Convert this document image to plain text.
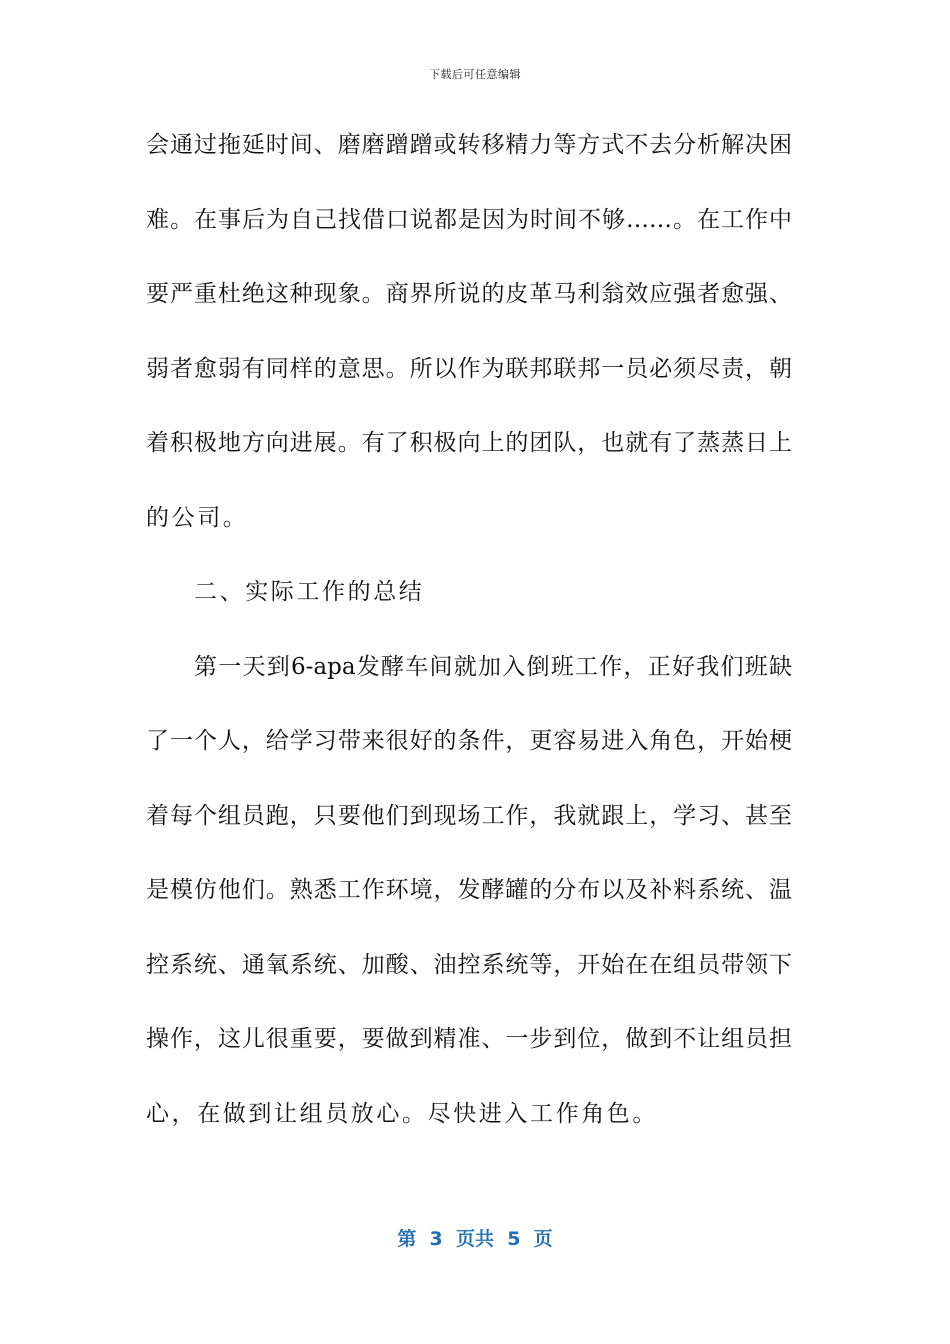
下载后可任意编辑
会通过拖延时间、磨磨蹭蹭或转移精力等方式不去分析解决困
难。在事后为自己找借口说都是因为时间不够……。在工作中
要严重杜绝这种现象。商界所说的皮革马利翁效应强者愈强、
弱者愈弱有同样的意思。所以作为联邦联邦一员必须尽责，朝
着积极地方向进展。有了积极向上的团队，也就有了蒸蒸日上
的公司。
二、实际工作的总结
第一天到6-apa发酵车间就加入倒班工作，正好我们班缺
了一个人，给学习带来很好的条件，更容易进入角色，开始梗
着每个组员跑，只要他们到现场工作，我就跟上，学习、甚至
是模仿他们。熟悉工作环境，发酵罐的分布以及补料系统、温
控系统、通氧系统、加酸、油控系统等，开始在在组员带领下
操作，这儿很重要，要做到精准、一步到位，做到不让组员担
心，在做到让组员放心。尽快进入工作角色。
第  3  页共  5  页
